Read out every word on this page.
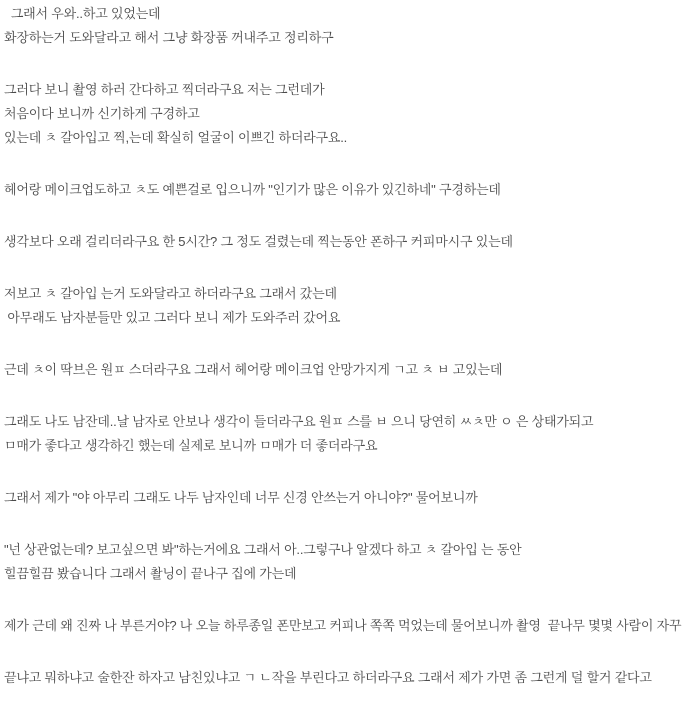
그래서 우와..하고 있었는데
화장하는거 도와달라고 해서 그냥 화장품 꺼내주고 정리하구
그러다 보니 촬영 하러 간다하고 찍더라구요 저는 그런데가
처음이다 보니까 신기하게 구경하고
있는데 ㅊ 갈아입고 찍,는데 확실히 얼굴이 이쁘긴 하더라구요..
헤어랑 메이크업도하고 ㅊ도 예쁜걸로 입으니까 "인기가 많은 이유가 있긴하네" 구경하는데
생각보다 오래 걸리더라구요 한 5시간? 그 정도 걸렸는데 찍는동안 폰하구 커피마시구 있는데
저보고 ㅊ 갈아입 는거 도와달라고 하더라구요 그래서 갔는데
아무래도 남자분들만 있고 그러다 보니 제가 도와주러 갔어요
근데 ㅊ이 딱브은 원ㅍ 스더라구요 그래서 헤어랑 메이크업 안망가지게 ㄱ고 ㅊ ㅂ 고있는데
그래도 나도 남잔데..날 남자로 안보나 생각이 들더라구요 원ㅍ 스를 ㅂ 으니 당연히 ㅆㅊ만 ㅇ 은 상태가되고
ㅁ매가 좋다고 생각하긴 했는데 실제로 보니까 ㅁ매가 더 좋더라구요
그래서 제가 "야 아무리 그래도 나두 남자인데 너무 신경 안쓰는거 아니야?" 물어보니까
"넌 상관없는데? 보고싶으면 봐"하는거에요 그래서 아..그렇구나 알겠다 하고 ㅊ 갈아입 는 동안
힐끔힐끔 봤습니다 그래서 촬닝이 끝나구 집에 가는데
제가 근데 왜 진짜 나 부른거야? 나 오늘 하루종일 폰만보고 커피나 쪽쪽 먹었는데 물어보니까 촬영  끝나무 몇몇 사람이 자꾸
끝냐고 뭐하냐고 술한잔 하자고 남친있냐고 ㄱ ㄴ작을 부린다고 하더라구요 그래서 제가 가면 좀 그런게 덜 할거 같다고
